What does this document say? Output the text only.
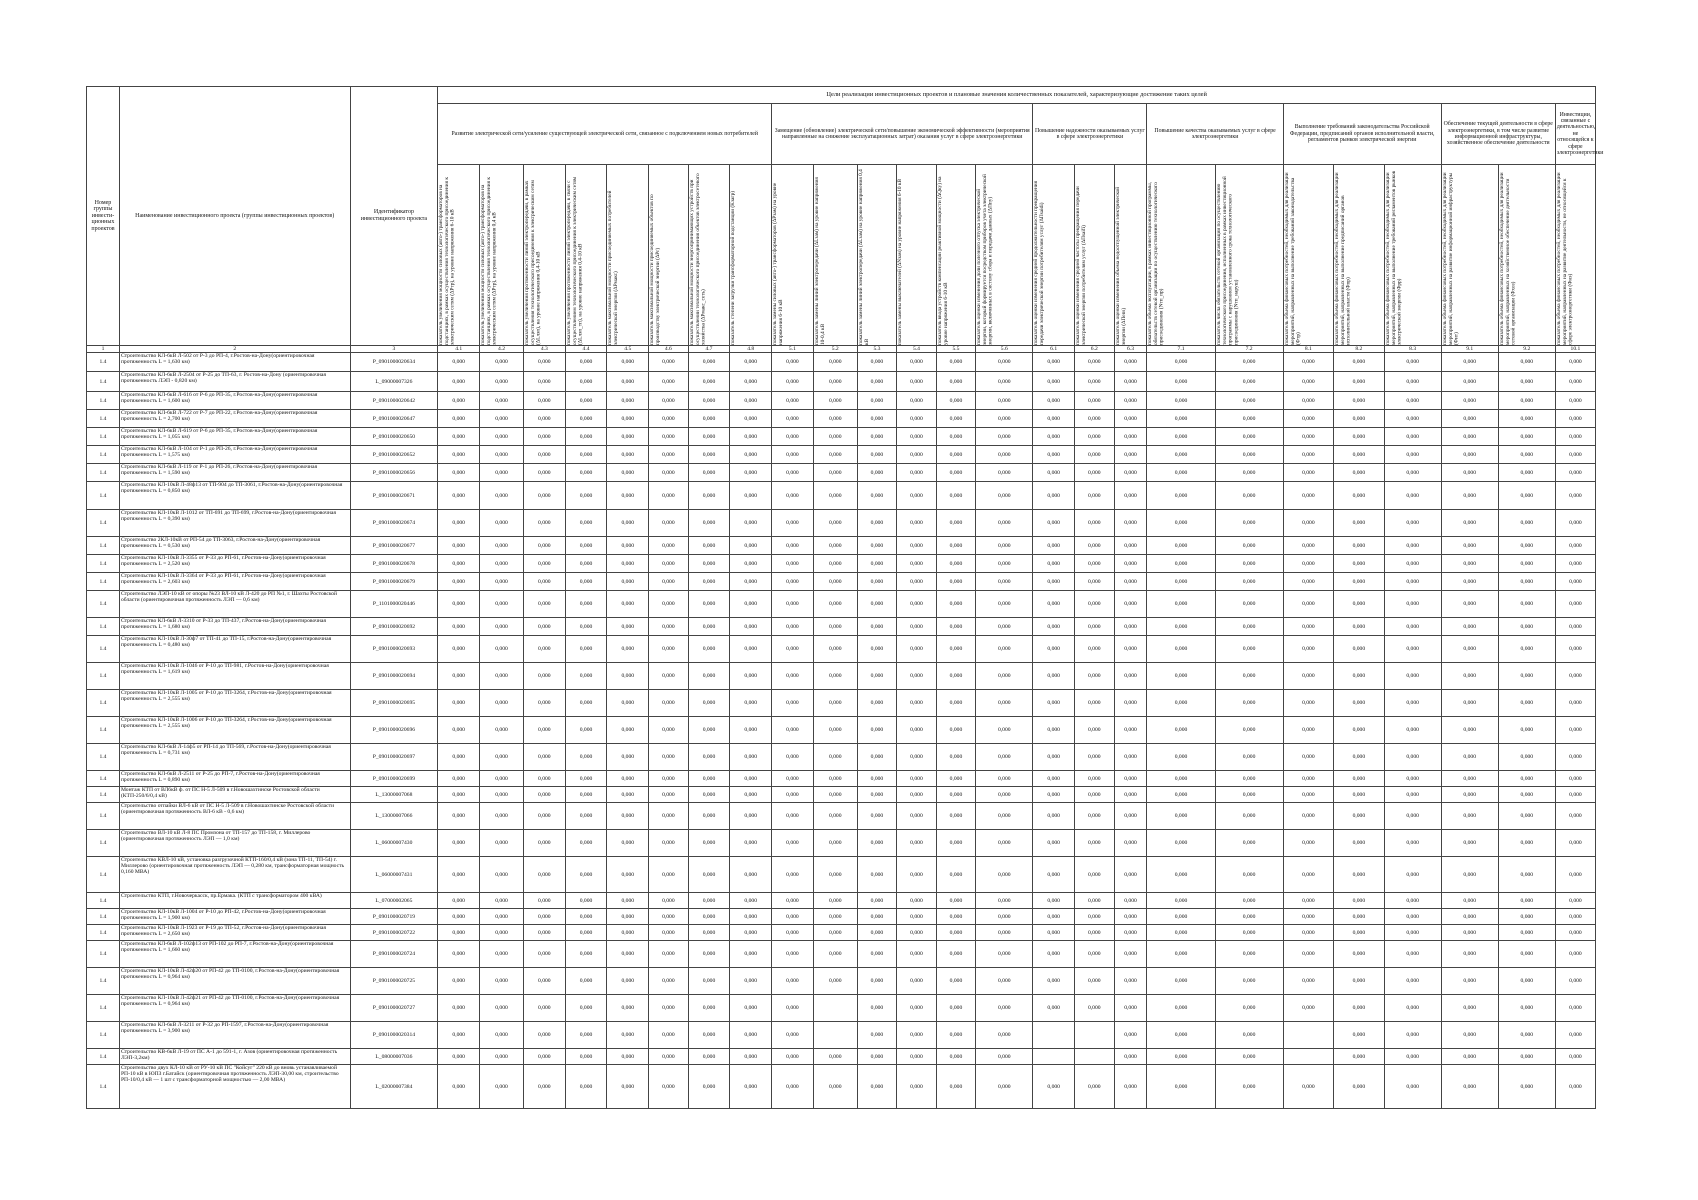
Номер группы инвести-ционных проектов	Наименование инвестиционного проекта (группы инвестиционных проектов)	Идентификатор инвестиционного проекта	Цели реализации инвестиционных проектов и плановые значения количественных показателей, характеризующие достижение таких целей																								
			Развитие электрической сети/усиление существующей электрической сети, связанное с подключением новых потребителей								Замещение (обновление) электрической сети/повышение экономической эффективности (мероприятия направленные на снижение эксплуатационных затрат) оказания услуг в сфере электроэнергетики						Повышение надежности оказываемых услуг в сфере электроэнергетики			Повышение качества оказываемых услуг в сфере электроэнергетики		Выполнение требований законодательства Российской Федерации, предписаний органов исполнительной власти, регламентов рынков электрической энергии			Обеспечение текущей деятельности в сфере электроэнергетики, в том числе развитие информационной инфраструктуры, хозяйственное обеспечение деятельности		Инвестиции, связанные с деятельностью, не относящейся к сфере электроэнергетики

			показатель увеличения мощности силовых (авто-) трансформаторов на подстанциях, в рамках осуществления технологического присоединения к электрическим сетям (ΔPтр), на уровне напряжения 6-10 кВ	показатель увеличения мощности силовых (авто-) трансформаторов на подстанциях, в рамках осуществления технологического присоединения к электрическим сетям (ΔPтр), на уровне напряжения 0,4 кВ	показатель увеличения протяженности линий электропередачи, в рамках осуществления технологического присоединения к электрическим сетям (ΔLлэп), на уровне напряжения 0,4-10 кВ	показатель увеличения протяженности линий электропередачи, в связи с осуществлением технологического присоединения к электрическим сетям (ΔLлэп_тп), на уровне напряжения 0,4-10 кВ	показатель максимальной мощности присоединяемых потребителей электрической энергии (ΔPмакс)	показатель максимальной мощности присоединяемых объектов по производству электрической энергии (ΔPг)	показатель максимальной мощности энергопринимающих устройств при осуществлении технологического присоединения объектов электросетевого хозяйства (ΔPмакс_сеть)	показатель степени загрузки трансформаторной подстанции (Kзагр)	показатель замены силовых (авто-) трансформаторов (ΔPзам) на уровне напряжения 6-10 кВ	показатель замены линий электропередачи (ΔLзам) на уровне напряжения 10-0,4 кВ	показатель замены линий электропередачи (ΔLзам) на уровне напряжения 0,4 кВ	показатель замены выключателей (ΔNзам) на уровне напряжения 6-10 кВ	показатель ввода устройств компенсации реактивной мощности (ΔQку) на уровне напряжения 6-10 кВ	показатель оценки изменения доли полезного отпуска электрической энергии, который формируется посредством приборов учета электрической энергии, включенных в систему сбора и передачи данных (ΔПпу)	показатель оценки изменения средней продолжительности прекращения передачи электрической энергии потребителям услуг (ΔПsaidi)	показатель оценки изменения средней частоты прекращения передачи электрической энергии потребителям услуг (ΔПsaifi)	показатель оценки изменения объема недоотпущенной электрической энергии (ΔПens)	показатель объема эксплуатации, в рамках инвестиционной программы, обязательств сетевой организации по осуществлению технологического присоединения (Nтп_пр)	показатель числа обязательств сетевой организации по осуществлению технологического присоединения, исполненных в рамках инвестиционной программы с нарушением установленного срока технологического присоединения (Nтп_наруш)	показатель объема финансовых потребностей, необходимых для реализации мероприятий, направленных на выполнение требований законодательства (Фтр)	показатель объема финансовых потребностей, необходимых для реализации мероприятий, направленных на выполнение предписаний органов исполнительной власти (Фпр)	показатель объема финансовых потребностей, необходимых для реализации мероприятий, направленных на выполнение требований регламентов рынков электрической энергии (Фрр)	показатель объема финансовых потребностей, необходимых для реализации мероприятий, направленных на развитие информационной инфраструктуры (Фит)	показатель объема финансовых потребностей, необходимых для реализации мероприятий, направленных на хозяйственное обеспечение деятельности сетевой организации (Фхоз)	показатель объема финансовых потребностей, необходимых для реализации мероприятий, направленных на развитие деятельности, не относящейся к сфере электроэнергетики (Фнэ)

1	2	3	4.1	4.2	4.3	4.4	4.5	4.6	4.7	4.8	5.1	5.2	5.3	5.4	5.5	5.6	6.1	6.2	6.3	7.1	7.2	8.1	8.2	8.3	9.1	9.2	10.1
1.4	Строительство КЛ-6кВ Л-502 от Р-3 до РП-4, г.Ростов-на-Дону(ориентировочная протяженность L = 1,630 км)	P_0901000020634	0,000	0,000	0,000	0,000	0,000	0,000	0,000	0,000	0,000	0,000	0,000	0,000	0,000	0,000	0,000	0,000	0,000	0,000	0,000	0,000	0,000	0,000	0,000	0,000	0,000
1.4	Строительство КЛ-6кВ Л-2504 от Р-25 до ТП-63, г. Ростов-на-Дону (ориентировочная протяженность ЛЭП - 0,820 км)	L_09000007326	0,000	0,000	0,000	0,000	0,000	0,000	0,000	0,000	0,000	0,000	0,000	0,000	0,000	0,000	0,000	0,000	0,000	0,000	0,000	0,000	0,000	0,000	0,000	0,000	0,000
1.4	Строительство КЛ-6кВ Л-616 от Р-6 до РП-35, г.Ростов-на-Дону(ориентировочная протяженность L = 1,600 км)	P_0901000020642	0,000	0,000	0,000	0,000	0,000	0,000	0,000	0,000	0,000	0,000	0,000	0,000	0,000	0,000	0,000	0,000	0,000	0,000	0,000	0,000	0,000	0,000	0,000	0,000	0,000
1.4	Строительство КЛ-6кВ Л-722 от Р-7 до РП-22, г.Ростов-на-Дону(ориентировочная протяженность L = 2,700 км)	P_0901000020647	0,000	0,000	0,000	0,000	0,000	0,000	0,000	0,000	0,000	0,000	0,000	0,000	0,000	0,000	0,000	0,000	0,000	0,000	0,000	0,000	0,000	0,000	0,000	0,000	0,000
1.4	Строительство КЛ-6кВ Л-619 от Р-6 до РП-35, г.Ростов-на-Дону(ориентировочная протяженность L = 1,055 км)	P_0901000020650	0,000	0,000	0,000	0,000	0,000	0,000	0,000	0,000	0,000	0,000	0,000	0,000	0,000	0,000	0,000	0,000	0,000	0,000	0,000	0,000	0,000	0,000	0,000	0,000	0,000
1.4	Строительство КЛ-6кВ Л-104 от Р-1 до РП-26, г.Ростов-на-Дону(ориентировочная протяженность L = 1,575 км)	P_0901000020652	0,000	0,000	0,000	0,000	0,000	0,000	0,000	0,000	0,000	0,000	0,000	0,000	0,000	0,000	0,000	0,000	0,000	0,000	0,000	0,000	0,000	0,000	0,000	0,000	0,000
1.4	Строительство КЛ-6кВ Л-119 от Р-1 до РП-26, г.Ростов-на-Дону(ориентировочная протяженность L = 1,590 км)	P_0901000020656	0,000	0,000	0,000	0,000	0,000	0,000	0,000	0,000	0,000	0,000	0,000	0,000	0,000	0,000	0,000	0,000	0,000	0,000	0,000	0,000	0,000	0,000	0,000	0,000	0,000
1.4	Строительство КЛ-10кВ Л-48ф13 от ТП-904 до ТП-3061, г.Ростов-на-Дону(ориентировочная протяженность L = 0,850 км)	P_0901000020671	0,000	0,000	0,000	0,000	0,000	0,000	0,000	0,000	0,000	0,000	0,000	0,000	0,000	0,000	0,000	0,000	0,000	0,000	0,000	0,000	0,000	0,000	0,000	0,000	0,000
1.4	Строительство КЛ-10кВ Л-1012 от ТП-691 до ТП-699, г.Ростов-на-Дону(ориентировочная протяженность L = 0,390 км)	P_0901000020674	0,000	0,000	0,000	0,000	0,000	0,000	0,000	0,000	0,000	0,000	0,000	0,000	0,000	0,000	0,000	0,000	0,000	0,000	0,000	0,000	0,000	0,000	0,000	0,000	0,000
1.4	Строительство 2КЛ-10кВ от РП-54 до ТП-3063, г.Ростов-на-Дону(ориентировочная протяженность L = 0,530 км)	P_0901000020677	0,000	0,000	0,000	0,000	0,000	0,000	0,000	0,000	0,000	0,000	0,000	0,000	0,000	0,000	0,000	0,000	0,000	0,000	0,000	0,000	0,000	0,000	0,000	0,000	0,000
1.4	Строительство КЛ-10кВ Л-3355 от Р-33 до РП-61, г.Ростов-на-Дону(ориентировочная протяженность L = 2,520 км)	P_0901000020678	0,000	0,000	0,000	0,000	0,000	0,000	0,000	0,000	0,000	0,000	0,000	0,000	0,000	0,000	0,000	0,000	0,000	0,000	0,000	0,000	0,000	0,000	0,000	0,000	0,000
1.4	Строительство КЛ-10кВ Л-3364 от Р-33 до РП-61, г.Ростов-на-Дону(ориентировочная протяженность L = 2,603 км)	P_0901000020679	0,000	0,000	0,000	0,000	0,000	0,000	0,000	0,000	0,000	0,000	0,000	0,000	0,000	0,000	0,000	0,000	0,000	0,000	0,000	0,000	0,000	0,000	0,000	0,000	0,000
1.4	Строительство ЛЭП-10 кВ от опоры №23 ВЛ-10 кВ Л-420 до РП №1, г. Шахты Ростовской области (ориентировочная протяженность ЛЭП — 0,6 км)	P_1101000020446	0,000	0,000	0,000	0,000	0,000	0,000	0,000	0,000	0,000	0,000	0,000	0,000	0,000	0,000	0,000	0,000	0,000	0,000	0,000	0,000	0,000	0,000	0,000	0,000	0,000
1.4	Строительство КЛ-6кВ Л-3310 от Р-33 до ТП-437, г.Ростов-на-Дону(ориентировочная протяженность L = 1,680 км)	P_0901000020692	0,000	0,000	0,000	0,000	0,000	0,000	0,000	0,000	0,000	0,000	0,000	0,000	0,000	0,000	0,000	0,000	0,000	0,000	0,000	0,000	0,000	0,000	0,000	0,000	0,000
1.4	Строительство КЛ-10кВ Л-30ф7 от ТП-41 до ТП-15, г.Ростов-на-Дону(ориентировочная протяженность L = 0,480 км)	P_0901000020693	0,000	0,000	0,000	0,000	0,000	0,000	0,000	0,000	0,000	0,000	0,000	0,000	0,000	0,000	0,000	0,000	0,000	0,000	0,000	0,000	0,000	0,000	0,000	0,000	0,000
1.4	Строительство КЛ-10кВ Л-1046 от Р-10 до ТП-981, г.Ростов-на-Дону(ориентировочная протяженность L = 1,619 км)	P_0901000020694	0,000	0,000	0,000	0,000	0,000	0,000	0,000	0,000	0,000	0,000	0,000	0,000	0,000	0,000	0,000	0,000	0,000	0,000	0,000	0,000	0,000	0,000	0,000	0,000	0,000
1.4	Строительство КЛ-10кВ Л-1005 от Р-10 до ТП-3264, г.Ростов-на-Дону(ориентировочная протяженность L = 2,555 км)	P_0901000020695	0,000	0,000	0,000	0,000	0,000	0,000	0,000	0,000	0,000	0,000	0,000	0,000	0,000	0,000	0,000	0,000	0,000	0,000	0,000	0,000	0,000	0,000	0,000	0,000	0,000
1.4	Строительство КЛ-10кВ Л-1006 от Р-10 до ТП-3264, г.Ростов-на-Дону(ориентировочная протяженность L = 2,555 км)	P_0901000020696	0,000	0,000	0,000	0,000	0,000	0,000	0,000	0,000	0,000	0,000	0,000	0,000	0,000	0,000	0,000	0,000	0,000	0,000	0,000	0,000	0,000	0,000	0,000	0,000	0,000
1.4	Строительство КЛ-6кВ Л-14ф5 от РП-14 до ТП-569, г.Ростов-на-Дону(ориентировочная протяженность L = 0,731 км)	P_0901000020697	0,000	0,000	0,000	0,000	0,000	0,000	0,000	0,000	0,000	0,000	0,000	0,000	0,000	0,000	0,000	0,000	0,000	0,000	0,000	0,000	0,000	0,000	0,000	0,000	0,000
1.4	Строительство КЛ-6кВ Л-2511 от Р-25 до РП-7, г.Ростов-на-Дону(ориентировочная протяженность L = 0,890 км)	P_0901000020699	0,000	0,000	0,000	0,000	0,000	0,000	0,000	0,000	0,000	0,000	0,000	0,000	0,000	0,000	0,000	0,000	0,000	0,000	0,000	0,000	0,000	0,000	0,000	0,000	0,000
1.4	Монтаж КТП от ВЛ6кВ ф. от ПС Н-5 Л-509 в г.Новошахтинске Ростовской области (КТП-250/6/0,4 кВ)	L_13000007068	0,000	0,000	0,000	0,000	0,000	0,000	0,000	0,000	0,000	0,000	0,000	0,000	0,000	0,000	0,000	0,000	0,000	0,000	0,000	0,000	0,000	0,000	0,000	0,000	0,000
1.4	Строительство отпайки ВЛ-6 кВ от ПС Н-5 Л-509 в г.Новошахтинске Ростовской области (ориентировочная протяженность ВЛ-6 кВ - 0,6 км)	L_13000007066	0,000	0,000	0,000	0,000	0,000	0,000	0,000	0,000	0,000	0,000	0,000	0,000	0,000	0,000	0,000	0,000	0,000	0,000	0,000	0,000	0,000	0,000	0,000	0,000	0,000
1.4	Строительство ВЛ-10 кВ Л-8 ПС Промзона от ТП-157 до ТП-158, г. Миллерово (ориентировочная протяженность ЛЭП — 1,0 км)	L_06000007430	0,000	0,000	0,000	0,000	0,000	0,000	0,000	0,000	0,000	0,000	0,000	0,000	0,000	0,000	0,000	0,000	0,000	0,000	0,000	0,000	0,000	0,000	0,000	0,000	0,000
1.4	Строительство КВЛ-10 кВ, установка разгрузочной КТП-160/0,4 кВ (зона ТП-11, ТП-54) г. Миллерово (ориентировочная протяженность ЛЭП — 0,280 км, трансформаторная мощность 0,160 МВА)	L_06000007431	0,000	0,000	0,000	0,000	0,000	0,000	0,000	0,000	0,000	0,000	0,000	0,000	0,000	0,000	0,000	0,000	0,000	0,000	0,000	0,000	0,000	0,000	0,000	0,000	0,000
1.4	Строительство КТП, г.Новочеркасск, пр.Ермака. (КТП с трансформатором 400 кВА)	L_07000002065	0,000	0,000	0,000	0,000	0,000	0,000	0,000	0,000	0,000	0,000	0,000	0,000	0,000	0,000	0,000	0,000	0,000	0,000	0,000	0,000	0,000	0,000	0,000	0,000	0,000
1.4	Строительство КЛ-10кВ Л-1004 от Р-10 до РП-42, г.Ростов-на-Дону(ориентировочная протяженность L = 1,900 км)	P_0901000020719	0,000	0,000	0,000	0,000	0,000	0,000	0,000	0,000	0,000	0,000	0,000	0,000	0,000	0,000	0,000	0,000	0,000	0,000	0,000	0,000	0,000	0,000	0,000	0,000	0,000
1.4	Строительство КЛ-10кВ Л-1923 от Р-19 до ТП-52, г.Ростов-на-Дону(ориентировочная протяженность L = 2,650 км)	P_0901000020722	0,000	0,000	0,000	0,000	0,000	0,000	0,000	0,000	0,000	0,000	0,000	0,000	0,000	0,000	0,000	0,000	0,000	0,000	0,000	0,000	0,000	0,000	0,000	0,000	0,000
1.4	Строительство КЛ-6кВ Л-102ф13 от РП-102 до РП-7, г.Ростов-на-Дону(ориентировочная протяженность L = 1,660 км)	P_0901000020724	0,000	0,000	0,000	0,000	0,000	0,000	0,000	0,000	0,000	0,000	0,000	0,000	0,000	0,000	0,000	0,000	0,000	0,000	0,000	0,000	0,000	0,000	0,000	0,000	0,000
1.4	Строительство КЛ-10кВ Л-42ф20 от РП-42 до ТП-0100, г.Ростов-на-Дону(ориентировочная протяженность L = 0,964 км)	P_0901000020725	0,000	0,000	0,000	0,000	0,000	0,000	0,000	0,000	0,000	0,000	0,000	0,000	0,000	0,000	0,000	0,000	0,000	0,000	0,000	0,000	0,000	0,000	0,000	0,000	0,000
1.4	Строительство КЛ-10кВ Л-42ф21 от РП-42 до ТП-0100, г.Ростов-на-Дону(ориентировочная протяженность L = 0,964 км)	P_0901000020727	0,000	0,000	0,000	0,000	0,000	0,000	0,000	0,000	0,000		0,000	0,000	0,000	0,000	0,000	0,000	0,000	0,000	0,000	0,000	0,000	0,000	0,000	0,000	0,000
1.4	Строительство КЛ-6кВ Л-3211 от Р-32 до РП-1597, г.Ростов-на-Дону(ориентировочная протяженность L = 3,900 км)	P_0901000020314	0,000	0,000	0,000	0,000	0,000	0,000	0,000	0,000	0,000		0,000	0,000	0,000	0,000			0,000	0,000	0,000		0,000	0,000	0,000	0,000	0,000
1.4	Строительство КВ-6кВ Л-19 от ПС А-1 до 591-1, г. Азов (ориентировочная протяженность ЛЭП-3,2км)	L_08000007036	0,000	0,000	0,000	0,000	0,000	0,000	0,000	0,000	0,000	0,000	0,000	0,000	0,000	0,000			0,000	0,000	0,000		0,000	0,000	0,000	0,000	0,000
1.4	Строительство двух КЛ-10 кВ от РУ-10 кВ ПС "Койсуг" 220 кВ до вновь устанавливаемой РП-10 кВ в ЮПЗ г.Батайск (ориентировочная протяженность ЛЭП-30,00 км, строительство РП-10/0,4 кВ — 1 шт с трансформаторной мощностью — 2,00 МВА)	L_02000007384	0,000	0,000	0,000	0,000	0,000	0,000	0,000	0,000	0,000	0,000	0,000	0,000	0,000	0,000	0,000	0,000	0,000	0,000	0,000	0,000	0,000	0,000	0,000	0,000	0,000
